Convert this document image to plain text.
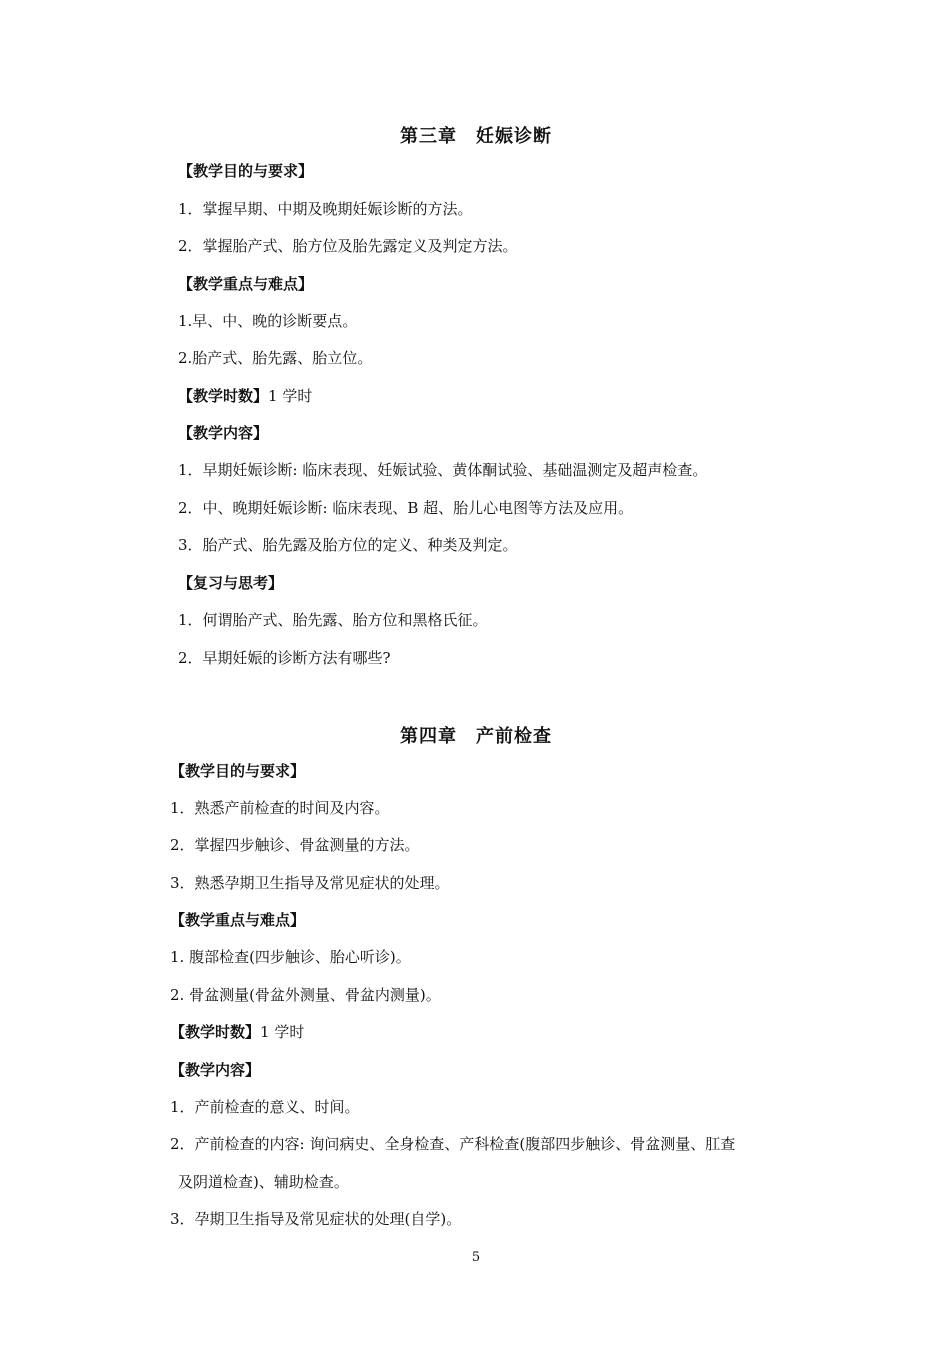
第三章　妊娠诊断
【教学目的与要求】
1．掌握早期、中期及晚期妊娠诊断的方法。
2．掌握胎产式、胎方位及胎先露定义及判定方法。
【教学重点与难点】
1.早、中、晚的诊断要点。
2.胎产式、胎先露、胎立位。
【教学时数】1 学时
【教学内容】
1．早期妊娠诊断: 临床表现、妊娠试验、黄体酮试验、基础温测定及超声检查。
2．中、晚期妊娠诊断: 临床表现、B 超、胎儿心电图等方法及应用。
3．胎产式、胎先露及胎方位的定义、种类及判定。
【复习与思考】
1．何谓胎产式、胎先露、胎方位和黑格氏征。
2．早期妊娠的诊断方法有哪些?
第四章　产前检查
【教学目的与要求】
1．熟悉产前检查的时间及内容。
2．掌握四步触诊、骨盆测量的方法。
3．熟悉孕期卫生指导及常见症状的处理。
【教学重点与难点】
1. 腹部检查(四步触诊、胎心听诊)。
2. 骨盆测量(骨盆外测量、骨盆内测量)。
【教学时数】1 学时
【教学内容】
1．产前检查的意义、时间。
2．产前检查的内容: 询问病史、全身检查、产科检查(腹部四步触诊、骨盆测量、肛查
及阴道检查)、辅助检查。
3．孕期卫生指导及常见症状的处理(自学)。
5
